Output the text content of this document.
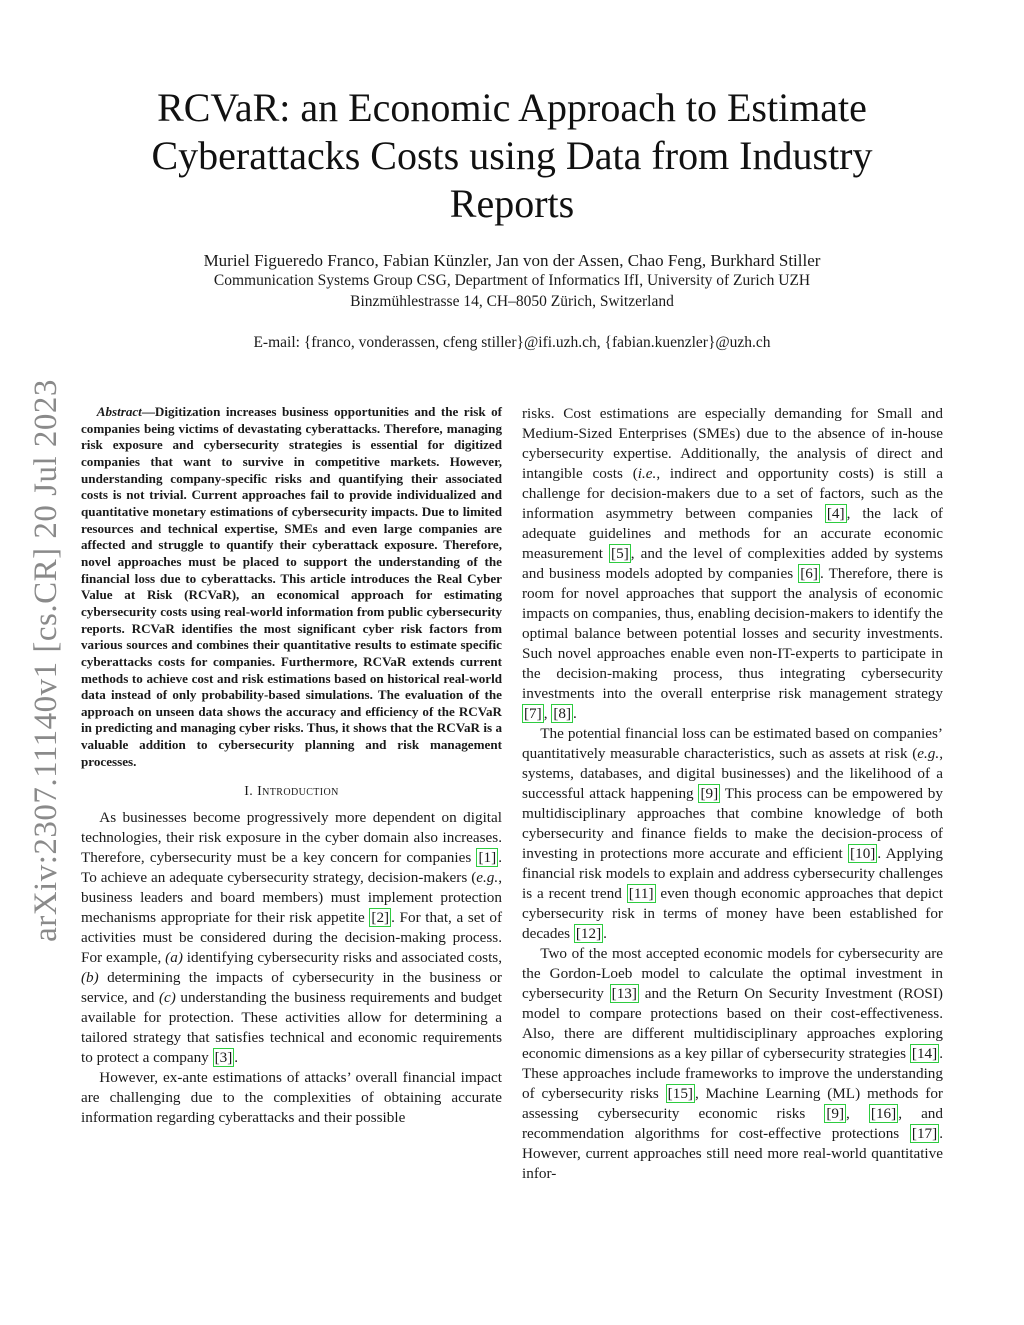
arXiv:2307.11140v1 [cs.CR] 20 Jul 2023
RCVaR: an Economic Approach to Estimate Cyberattacks Costs using Data from Industry Reports
Muriel Figueredo Franco, Fabian Künzler, Jan von der Assen, Chao Feng, Burkhard Stiller
Communication Systems Group CSG, Department of Informatics IfI, University of Zurich UZH
Binzmühlestrasse 14, CH–8050 Zürich, Switzerland
E-mail: {franco, vonderassen, cfeng stiller}@ifi.uzh.ch, {fabian.kuenzler}@uzh.ch

Abstract—Digitization increases business opportunities and the risk of companies being victims of devastating cyberattacks. Therefore, managing risk exposure and cybersecurity strategies is essential for digitized companies that want to survive in competitive markets. However, understanding company-specific risks and quantifying their associated costs is not trivial. Current approaches fail to provide individualized and quantitative monetary estimations of cybersecurity impacts. Due to limited resources and technical expertise, SMEs and even large companies are affected and struggle to quantify their cyberattack exposure. Therefore, novel approaches must be placed to support the understanding of the financial loss due to cyberattacks. This article introduces the Real Cyber Value at Risk (RCVaR), an economical approach for estimating cybersecurity costs using real-world information from public cybersecurity reports. RCVaR identifies the most significant cyber risk factors from various sources and combines their quantitative results to estimate specific cyberattacks costs for companies. Furthermore, RCVaR extends current methods to achieve cost and risk estimations based on historical real-world data instead of only probability-based simulations. The evaluation of the approach on unseen data shows the accuracy and efficiency of the RCVaR in predicting and managing cyber risks. Thus, it shows that the RCVaR is a valuable addition to cybersecurity planning and risk management processes.

I. Introduction

As businesses become progressively more dependent on digital technologies, their risk exposure in the cyber domain also increases. Therefore, cybersecurity must be a key concern for companies [1] . To achieve an adequate cybersecurity strategy, decision-makers (e.g., business leaders and board members) must implement protection mechanisms appropriate for their risk appetite [2] . For that, a set of activities must be considered during the decision-making process. For example, (a) identifying cybersecurity risks and associated costs, (b) determining the impacts of cybersecurity in the business or service, and (c) understanding the business requirements and budget available for protection. These activities allow for determining a tailored strategy that satisfies technical and economic requirements to protect a company [3] .

However, ex-ante estimations of attacks’ overall financial impact are challenging due to the complexities of obtaining accurate information regarding cyberattacks and their possible

risks. Cost estimations are especially demanding for Small and Medium-Sized Enterprises (SMEs) due to the absence of in-house cybersecurity expertise. Additionally, the analysis of direct and intangible costs (i.e., indirect and opportunity costs) is still a challenge for decision-makers due to a set of factors, such as the information asymmetry between companies [4] , the lack of adequate guidelines and methods for an accurate economic measurement [5] , and the level of complexities added by systems and business models adopted by companies [6] . Therefore, there is room for novel approaches that support the analysis of economic impacts on companies, thus, enabling decision-makers to identify the optimal balance between potential losses and security investments. Such novel approaches enable even non-IT-experts to participate in the decision-making process, thus integrating cybersecurity investments into the overall enterprise risk management strategy [7] , [8] .

The potential financial loss can be estimated based on companies’ quantitatively measurable characteristics, such as assets at risk (e.g., systems, databases, and digital businesses) and the likelihood of a successful attack happening [9] This process can be empowered by multidisciplinary approaches that combine knowledge of both cybersecurity and finance fields to make the decision-process of investing in protections more accurate and efficient [10] . Applying financial risk models to explain and address cybersecurity challenges is a recent trend [11] even though economic approaches that depict cybersecurity risk in terms of money have been established for decades [12] .

Two of the most accepted economic models for cybersecurity are the Gordon-Loeb model to calculate the optimal investment in cybersecurity [13] and the Return On Security Investment (ROSI) model to compare protections based on their cost-effectiveness. Also, there are different multidisciplinary approaches exploring economic dimensions as a key pillar of cybersecurity strategies [14] . These approaches include frameworks to improve the understanding of cybersecurity risks [15] , Machine Learning (ML) methods for assessing cybersecurity economic risks [9] , [16] , and recommendation algorithms for cost-effective protections [17] . However, current approaches still need more real-world quantitative infor-
